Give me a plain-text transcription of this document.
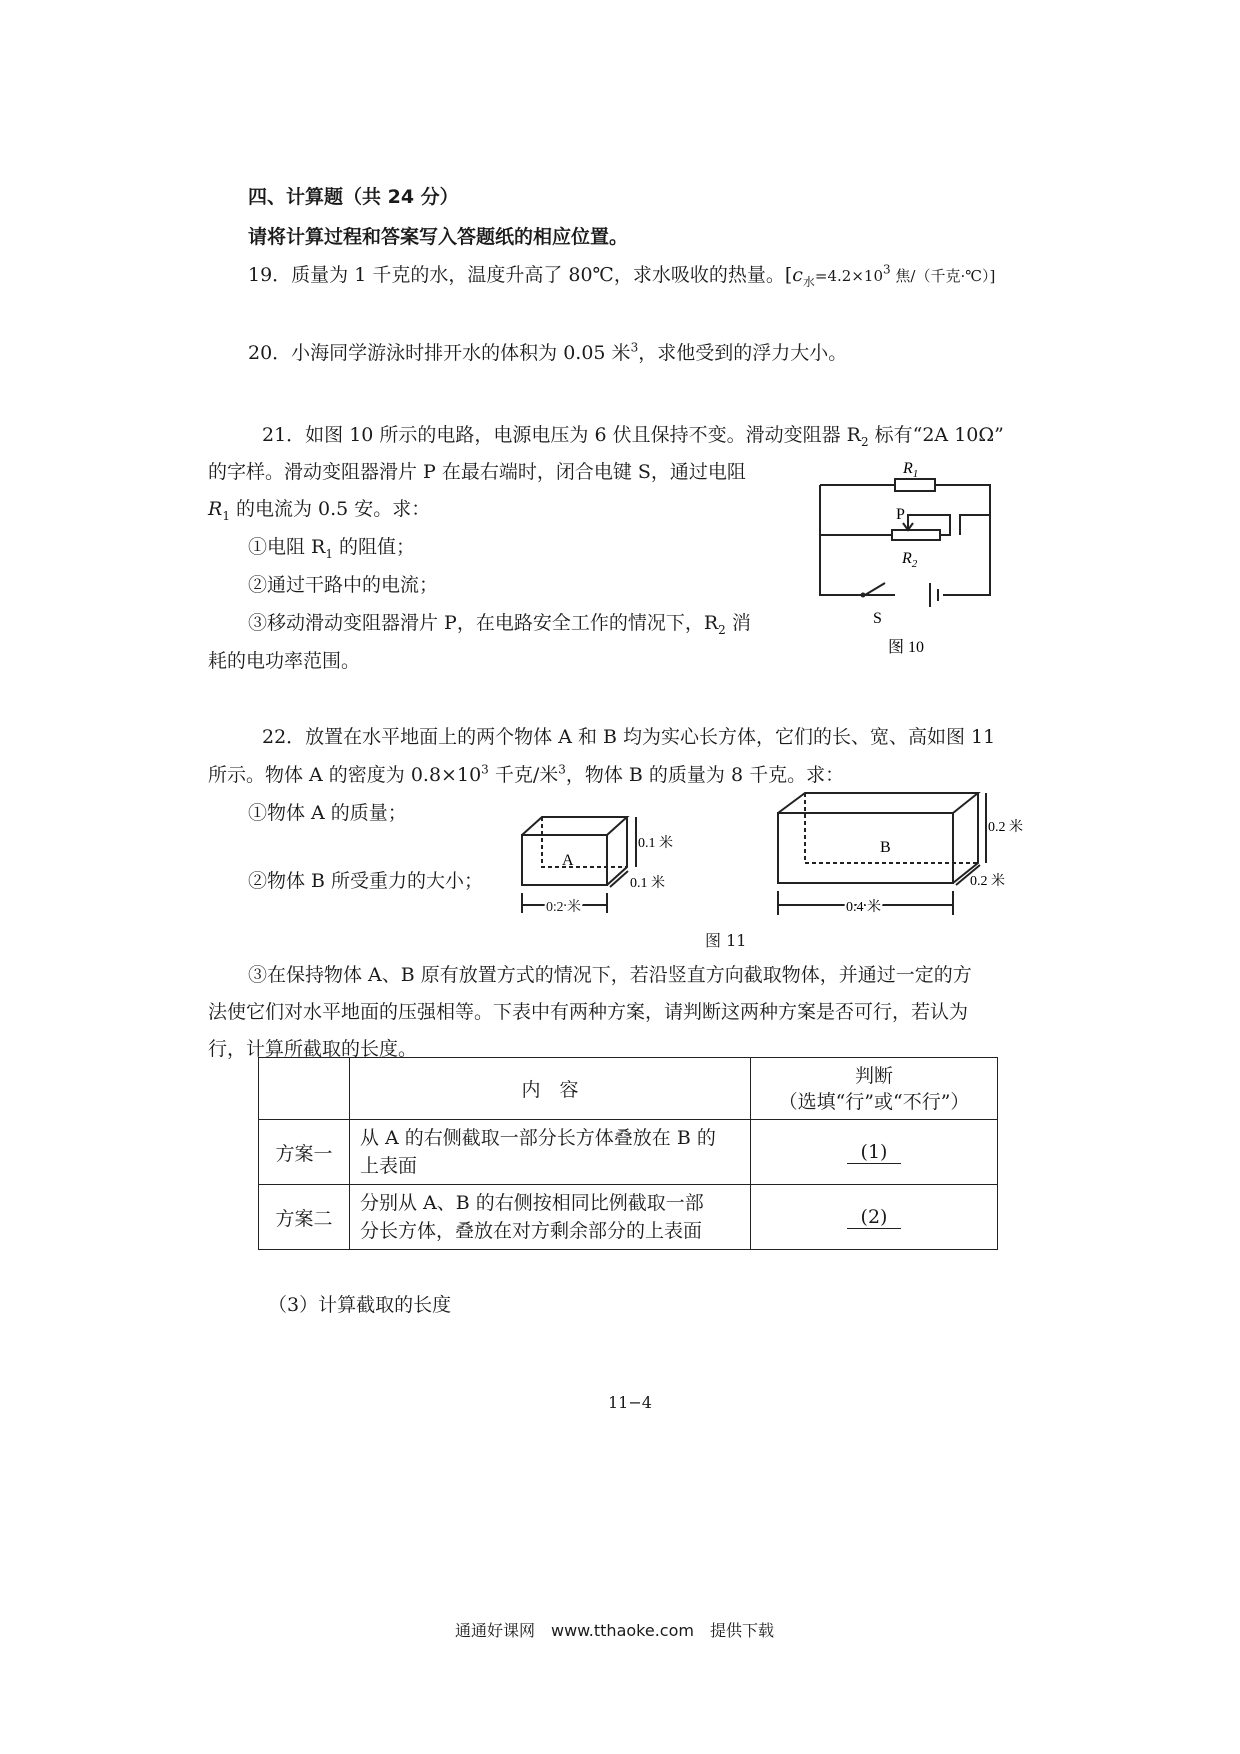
四、计算题（共 24 分）
请将计算过程和答案写入答题纸的相应位置。
19．质量为 1 千克的水，温度升高了 80℃，求水吸收的热量。[$c_水=4.2\times 10^3$ 焦/（千克·℃）]
20．小海同学游泳时排开水的体积为 0.05 米$^3$，求他受到的浮力大小。
21．如图 10 所示的电路，电源电压为 6 伏且保持不变。滑动变阻器 $R_2$ 标有“2A 10Ω”
的字样。滑动变阻器滑片 P 在最右端时，闭合电键 S，通过电阻
$R_1$ 的电流为 0.5 安。求：
①电阻 $R_1$ 的阻值；
②通过干路中的电流；
③移动滑动变阻器滑片 P，在电路安全工作的情况下，$R_2$ 消
耗的电功率范围。
$R_1$
P
$R_2$
S
图 10
22．放置在水平地面上的两个物体 A 和 B 均为实心长方体，它们的长、宽、高如图 11
所示。物体 A 的密度为 $0.8\times 10^3$ 千克/米$^3$，物体 B 的质量为 8 千克。求：
①物体 A 的质量；
②物体 B 所受重力的大小；
A
0.1 米
0.1 米
0.2 米
B
0.2 米
0.2 米
0.4 米
图 11
③在保持物体 A、B 原有放置方式的情况下，若沿竖直方向截取物体，并通过一定的方
法使它们对水平地面的压强相等。下表中有两种方案，请判断这两种方案是否可行，若认为
行，计算所截取的长度。
	内　容	判断
（选填“行”或“不行”）

方案一	从 A 的右侧截取一部分长方体叠放在 B 的
上表面	(1)
方案二	分别从 A、B 的右侧按相同比例截取一部
分长方体，叠放在对方剩余部分的上表面	(2)
（3）计算截取的长度
11−4
通通好课网　www.tthaoke.com　提供下载
